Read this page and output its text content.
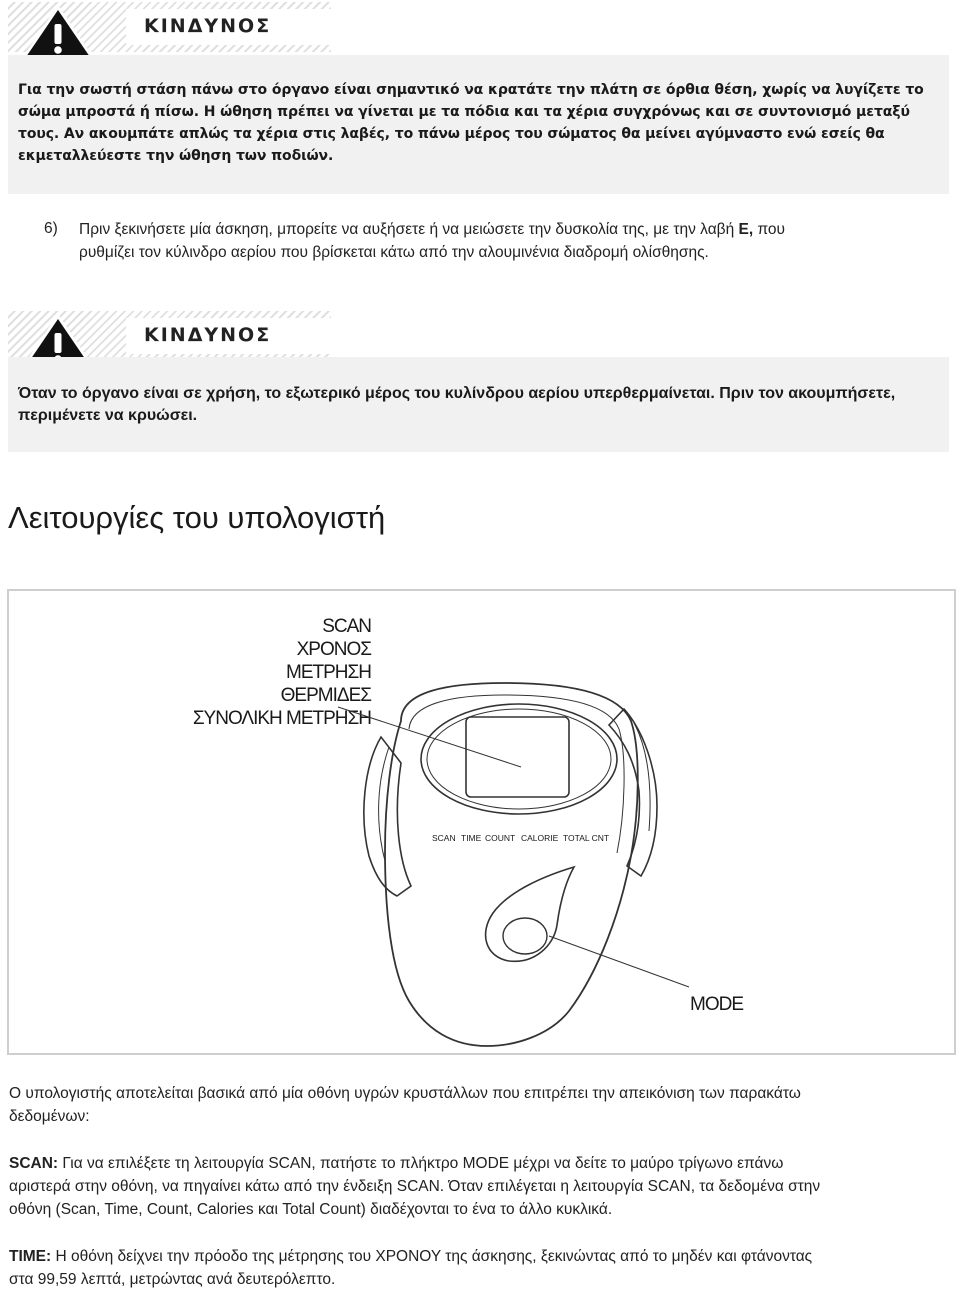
ΚΙΝΔΥΝΟΣ
Για την σωστή στάση πάνω στο όργανο είναι σημαντικό να κρατάτε την πλάτη σε όρθια θέση, χωρίς να λυγίζετε το
σώμα μπροστά ή πίσω. Η ώθηση πρέπει να γίνεται με τα πόδια και τα χέρια συγχρόνως και σε συντονισμό μεταξύ
τους. Αν ακουμπάτε απλώς τα χέρια στις λαβές, το πάνω μέρος του σώματος θα μείνει αγύμναστο ενώ εσείς θα
εκμεταλλεύεστε την ώθηση των ποδιών.
6) Πριν ξεκινήσετε μία άσκηση, μπορείτε να αυξήσετε ή να μειώσετε την δυσκολία της, με την λαβή E, που
ρυθμίζει τον κύλινδρο αερίου που βρίσκεται κάτω από την αλουμινένια διαδρομή ολίσθησης.
ΚΙΝΔΥΝΟΣ
Όταν το όργανο είναι σε χρήση, το εξωτερικό μέρος του κυλίνδρου αερίου υπερθερμαίνεται. Πριν τον ακουμπήσετε,
περιμένετε να κρυώσει.
Λειτουργίες του υπολογιστή
SCAN
ΧΡΟΝΟΣ
ΜΕΤΡΗΣΗ
ΘΕΡΜΙΔΕΣ
ΣΥΝΟΛΙΚΗ ΜΕΤΡΗΣΗ
SCAN TIME COUNT CALORIE TOTAL CNT
MODE
Ο υπολογιστής αποτελείται βασικά από μία οθόνη υγρών κρυστάλλων που επιτρέπει την απεικόνιση των παρακάτω
δεδομένων:
SCAN: Για να επιλέξετε τη λειτουργία SCAN, πατήστε το πλήκτρο MODE μέχρι να δείτε το μαύρο τρίγωνο επάνω
αριστερά στην οθόνη, να πηγαίνει κάτω από την ένδειξη SCAN. Όταν επιλέγεται η λειτουργία SCAN, τα δεδομένα στην
οθόνη (Scan, Time, Count, Calories και Total Count) διαδέχονται το ένα το άλλο κυκλικά.
TIME: Η οθόνη δείχνει την πρόοδο της μέτρησης του ΧΡΟΝΟΥ της άσκησης, ξεκινώντας από το μηδέν και φτάνοντας
στα 99,59 λεπτά, μετρώντας ανά δευτερόλεπτο.
